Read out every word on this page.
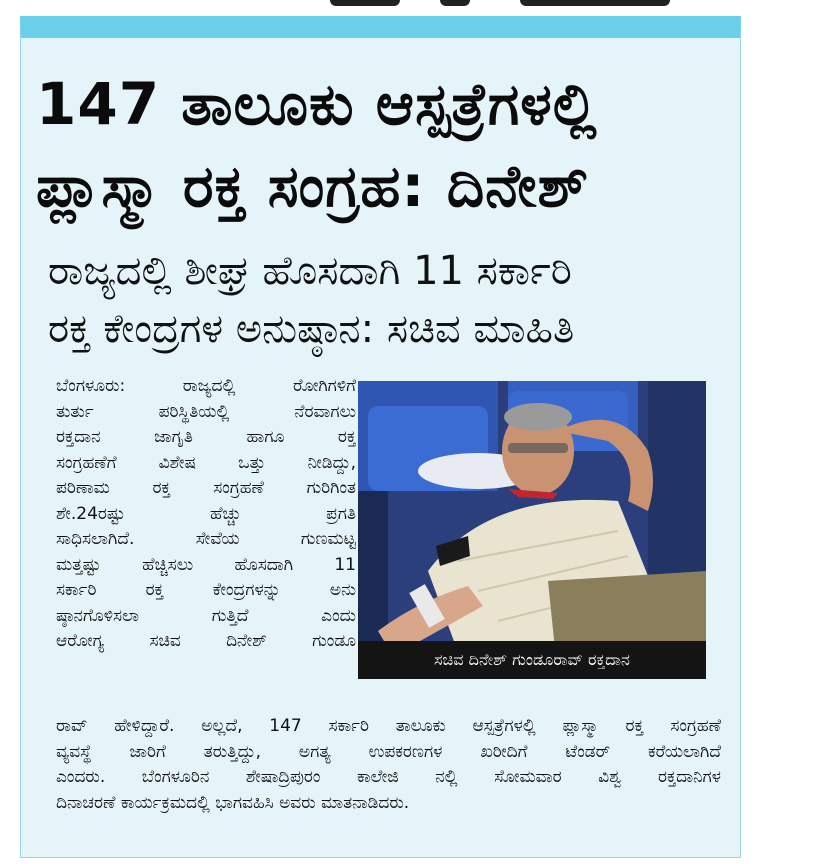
147 ತಾಲೂಕು ಆಸ್ಪತ್ರೆಗಳಲ್ಲಿ
ಪ್ಲಾಸ್ಮಾ ರಕ್ತ ಸಂಗ್ರಹ: ದಿನೇಶ್
ರಾಜ್ಯದಲ್ಲಿ ಶೀಘ್ರ ಹೊಸದಾಗಿ 11 ಸರ್ಕಾರಿ
ರಕ್ತ ಕೇಂದ್ರಗಳ ಅನುಷ್ಠಾನ: ಸಚಿವ ಮಾಹಿತಿ
ಬೆಂಗಳೂರು: ರಾಜ್ಯದಲ್ಲಿ ರೋಗಿಗಳಿಗೆ
ತುರ್ತು ಪರಿಸ್ಥಿತಿಯಲ್ಲಿ ನೆರವಾಗಲು
ರಕ್ತದಾನ ಜಾಗೃತಿ ಹಾಗೂ ರಕ್ತ
ಸಂಗ್ರಹಣೆಗೆ ವಿಶೇಷ ಒತ್ತು ನೀಡಿದ್ದು,
ಪರಿಣಾಮ ರಕ್ತ ಸಂಗ್ರಹಣೆ ಗುರಿಗಿಂತ
ಶೇ.24ರಷ್ಟು ಹೆಚ್ಚು ಪ್ರಗತಿ
ಸಾಧಿಸಲಾಗಿದೆ. ಸೇವೆಯ ಗುಣಮಟ್ಟ
ಮತ್ತಷ್ಟು ಹೆಚ್ಚಿಸಲು ಹೊಸದಾಗಿ 11
ಸರ್ಕಾರಿ ರಕ್ತ ಕೇಂದ್ರಗಳನ್ನು ಅನು
ಷ್ಠಾನಗೊಳಿಸಲಾ ಗುತ್ತಿದೆ ಎಂದು
ಆರೋಗ್ಯ ಸಚಿವ ದಿನೇಶ್ ಗುಂಡೂ
ಸಚಿವ ದಿನೇಶ್ ಗುಂಡೂರಾವ್ ರಕ್ತದಾನ
ರಾವ್ ಹೇಳಿದ್ದಾರೆ. ಅಲ್ಲದೆ, 147 ಸರ್ಕಾರಿ ತಾಲೂಕು ಆಸ್ಪತ್ರೆಗಳಲ್ಲಿ ಪ್ಲಾಸ್ಮಾ ರಕ್ತ ಸಂಗ್ರಹಣೆ
ವ್ಯವಸ್ಥೆ ಜಾರಿಗೆ ತರುತ್ತಿದ್ದು, ಅಗತ್ಯ ಉಪಕರಣಗಳ ಖರೀದಿಗೆ ಟೆಂಡರ್ ಕರೆಯಲಾಗಿದೆ
ಎಂದರು. ಬೆಂಗಳೂರಿನ ಶೇಷಾದ್ರಿಪುರಂ ಕಾಲೇಜಿ ನಲ್ಲಿ ಸೋಮವಾರ ವಿಶ್ವ ರಕ್ತದಾನಿಗಳ
ದಿನಾಚರಣೆ ಕಾರ್ಯಕ್ರಮದಲ್ಲಿ ಭಾಗವಹಿಸಿ ಅವರು ಮಾತನಾಡಿದರು.
